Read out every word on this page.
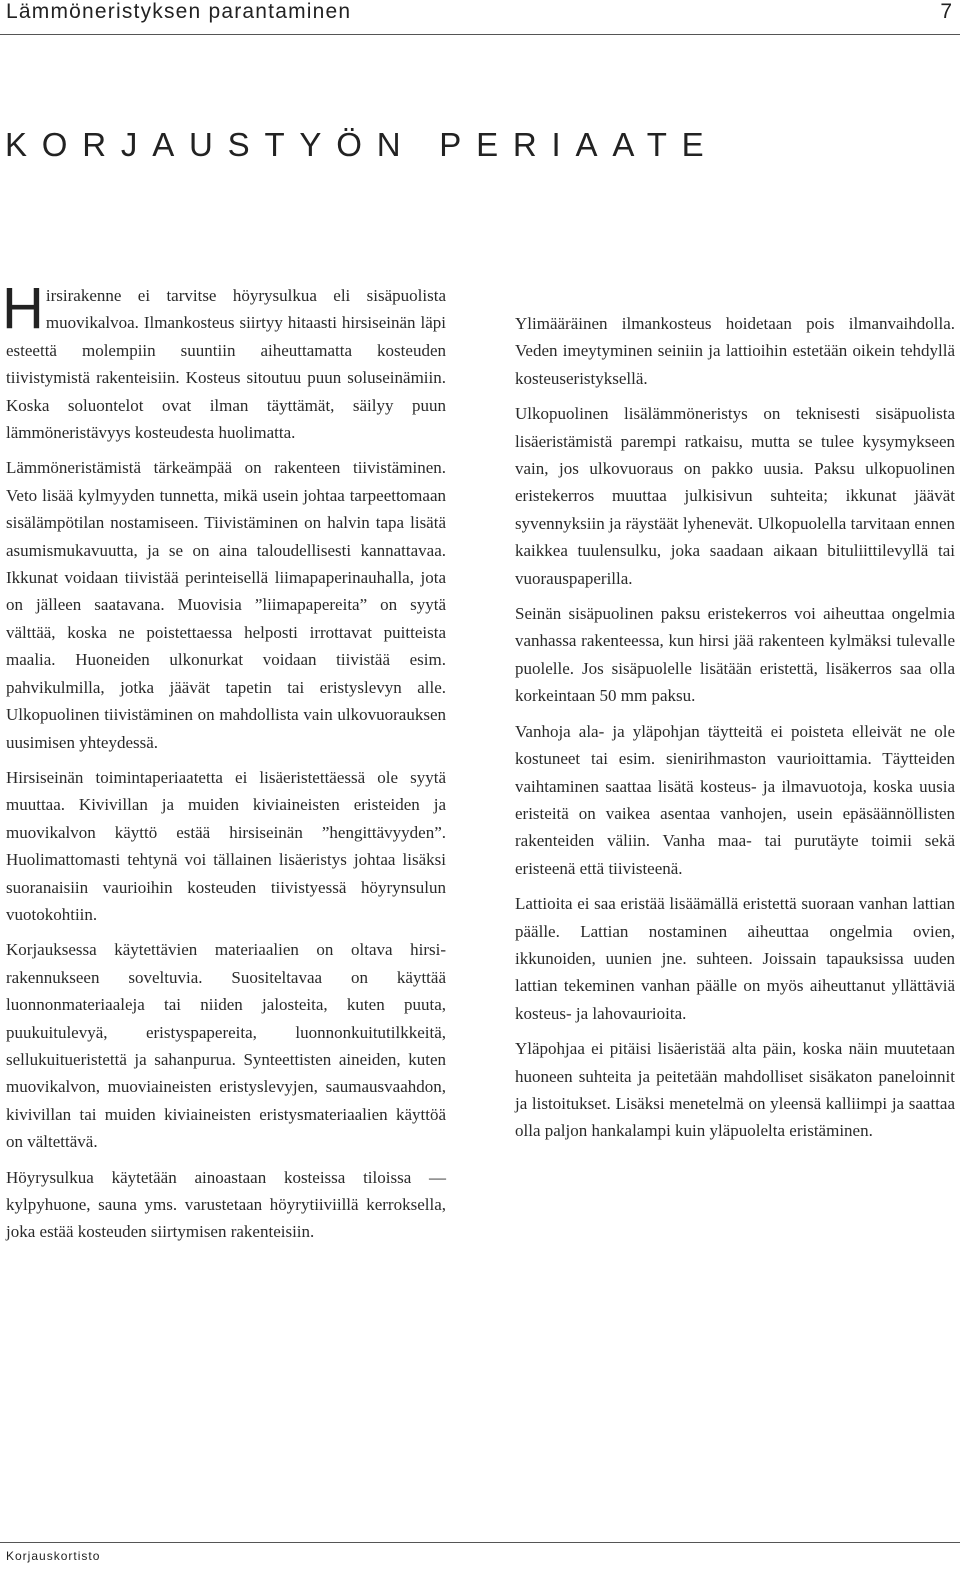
Lämmöneristyksen parantaminen	7
KORJAUSTYÖN PERIAATE

Hirsirakenne ei tarvitse höyrysulkua eli sisäpuolista muovikalvoa. Ilmankosteus siirtyy hitaasti hirsiseinän läpi esteettä molempiin suuntiin aiheuttamatta kosteuden tiivistymistä rakenteisiin. Kosteus sitoutuu puun soluseinämiin. Koska soluontelot ovat ilman täyttämät, säilyy puun lämmöneristävyys kosteudesta huolimatta.

Lämmöneristämistä tärkeämpää on rakenteen tiivistäminen. Veto lisää kylmyyden tunnetta, mikä usein johtaa tarpeettomaan sisälämpötilan nostamiseen. Tiivistäminen on halvin tapa lisätä asumismukavuutta, ja se on aina taloudellisesti kannattavaa. Ikkunat voidaan tiivistää perinteisellä liimapaperinauhalla, jota on jälleen saatavana. Muovisia ”liimapapereita” on syytä välttää, koska ne poistettaessa helposti irrottavat puitteista maalia. Huoneiden ulkonurkat voidaan tiivistää esim. pahvikulmilla, jotka jäävät tapetin tai eristyslevyn alle. Ulkopuolinen tiivistäminen on mahdollista vain ulkovuorauksen uusimisen yhteydessä.

Hirsiseinän toimintaperiaatetta ei lisäeristettäessä ole syytä muuttaa. Kivivillan ja muiden kiviaineisten eristeiden ja muovikalvon käyttö estää hirsiseinän ”hengittävyyden”. Huolimattomasti tehtynä voi tällainen lisäeristys johtaa lisäksi suoranaisiin vaurioihin kosteuden tiivistyessä höyrynsulun vuotokohtiin.

Korjauksessa käytettävien materiaalien on oltava hirsirakennukseen soveltuvia. Suositeltavaa on käyttää luonnonmateriaaleja tai niiden jalosteita, kuten puuta, puukuitulevyä, eristyspapereita, luonnonkuitutilkkeitä, sellukuitueristettä ja sahanpurua. Synteettisten aineiden, kuten muovikalvon, muoviaineisten eristyslevyjen, saumausvaahdon, kivivillan tai muiden kiviaineisten eristysmateriaalien käyttöä on vältettävä.

Höyrysulkua käytetään ainoastaan kosteissa tiloissa — kylpyhuone, sauna yms. varustetaan höyrytiiviillä kerroksella, joka estää kosteuden siirtymisen rakenteisiin.

Ylimääräinen ilmankosteus hoidetaan pois ilmanvaihdolla. Veden imeytyminen seiniin ja lattioihin estetään oikein tehdyllä kosteuseristyksellä.

Ulkopuolinen lisälämmöneristys on teknisesti sisäpuolista lisäeristämistä parempi ratkaisu, mutta se tulee kysymykseen vain, jos ulkovuoraus on pakko uusia. Paksu ulkopuolinen eristekerros muuttaa julkisivun suhteita; ikkunat jäävät syvennyksiin ja räystäät lyhenevät. Ulkopuolella tarvitaan ennen kaikkea tuulensulku, joka saadaan aikaan bituliittilevyllä tai vuorauspaperilla.

Seinän sisäpuolinen paksu eristekerros voi aiheuttaa ongelmia vanhassa rakenteessa, kun hirsi jää rakenteen kylmäksi tulevalle puolelle. Jos sisäpuolelle lisätään eristettä, lisäkerros saa olla korkeintaan 50 mm paksu.

Vanhoja ala- ja yläpohjan täytteitä ei poisteta elleivät ne ole kostuneet tai esim. sienirihmaston vaurioittamia. Täytteiden vaihtaminen saattaa lisätä kosteus- ja ilmavuotoja, koska uusia eristeitä on vaikea asentaa vanhojen, usein epäsäännöllisten rakenteiden väliin. Vanha maa- tai purutäyte toimii sekä eristeenä että tiivisteenä.

Lattioita ei saa eristää lisäämällä eristettä suoraan vanhan lattian päälle. Lattian nostaminen aiheuttaa ongelmia ovien, ikkunoiden, uunien jne. suhteen. Joissain tapauksissa uuden lattian tekeminen vanhan päälle on myös aiheuttanut yllättäviä kosteus- ja lahovaurioita.

Yläpohjaa ei pitäisi lisäeristää alta päin, koska näin muutetaan huoneen suhteita ja peitetään mahdolliset sisäkaton paneloinnit ja listoitukset. Lisäksi menetelmä on yleensä kalliimpi ja saattaa olla paljon hankalampi kuin yläpuolelta eristäminen.

Korjauskortisto
